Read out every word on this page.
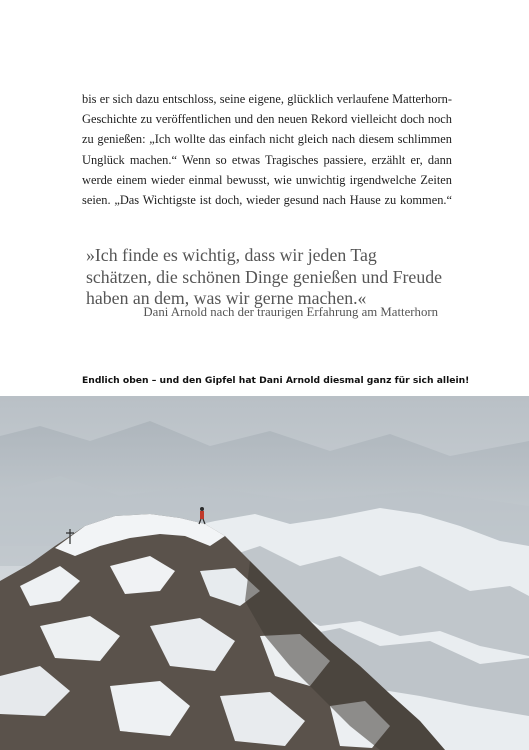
bis er sich dazu entschloss, seine eigene, glücklich verlaufene Matterhorn-
Geschichte zu veröffentlichen und den neuen Rekord vielleicht doch noch
zu genießen: „Ich wollte das einfach nicht gleich nach diesem schlimmen
Unglück machen.“ Wenn so etwas Tragisches passiere, erzählt er, dann
werde einem wieder einmal bewusst, wie unwichtig irgendwelche Zeiten
seien. „Das Wichtigste ist doch, wieder gesund nach Hause zu kommen.“
»Ich finde es wichtig, dass wir jeden Tag
schätzen, die schönen Dinge genießen und Freude
haben an dem, was wir gerne machen.«
Dani Arnold nach der traurigen Erfahrung am Matterhorn
Endlich oben – und den Gipfel hat Dani Arnold diesmal ganz für sich allein!
